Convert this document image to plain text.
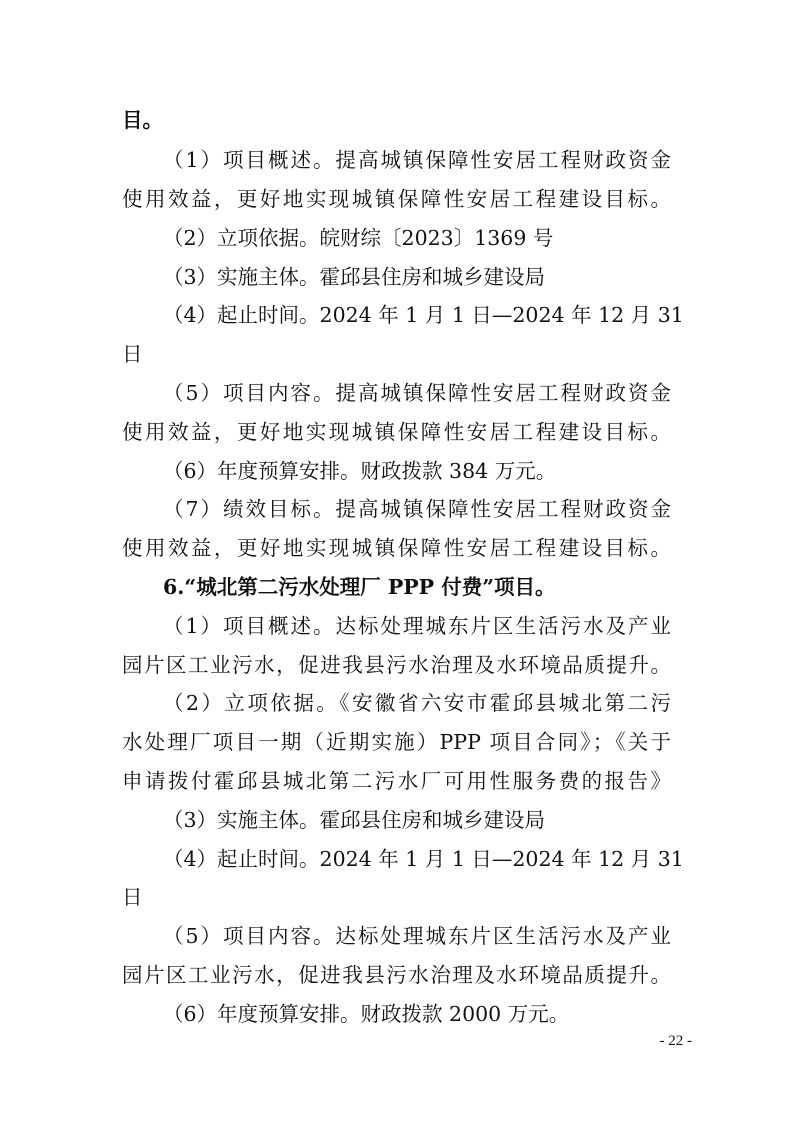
目。
（1）项目概述。提高城镇保障性安居工程财政资金
使用效益，更好地实现城镇保障性安居工程建设目标。
（2）立项依据。皖财综〔2023〕1369 号
（3）实施主体。霍邱县住房和城乡建设局
（4）起止时间。2024 年 1 月 1 日—2024 年 12 月 31
日
（5）项目内容。提高城镇保障性安居工程财政资金
使用效益，更好地实现城镇保障性安居工程建设目标。
（6）年度预算安排。财政拨款 384 万元。
（7）绩效目标。提高城镇保障性安居工程财政资金
使用效益，更好地实现城镇保障性安居工程建设目标。
6.“城北第二污水处理厂 PPP 付费”项目。
（1）项目概述。达标处理城东片区生活污水及产业
园片区工业污水，促进我县污水治理及水环境品质提升。
（2）立项依据。《安徽省六安市霍邱县城北第二污
水处理厂项目一期（近期实施）PPP 项目合同》；《关于
申请拨付霍邱县城北第二污水厂可用性服务费的报告》
（3）实施主体。霍邱县住房和城乡建设局
（4）起止时间。2024 年 1 月 1 日—2024 年 12 月 31
日
（5）项目内容。达标处理城东片区生活污水及产业
园片区工业污水，促进我县污水治理及水环境品质提升。
（6）年度预算安排。财政拨款 2000 万元。
- 22 -
